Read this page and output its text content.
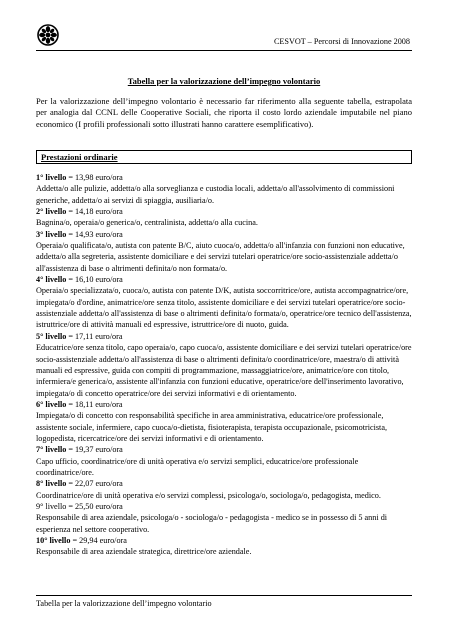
CESVOT – Percorsi di Innovazione 2008
Tabella per la valorizzazione dell’impegno volontario

Per la valorizzazione dell’impegno volontario è necessario far riferimento alla seguente tabella, estrapolata per analogia dal CCNL delle Cooperative Sociali, che riporta il costo lordo aziendale imputabile nel piano economico (I profili professionali sotto illustrati hanno carattere esemplificativo).

Prestazioni ordinarie

1° livello = 13,98 euro/ora

Addetta/o alle pulizie, addetta/o alla sorveglianza e custodia locali, addetta/o all'assolvimento di commissioni generiche, addetta/o ai servizi di spiaggia, ausiliaria/o.

2° livello = 14,18 euro/ora

Bagnina/o, operaia/o generica/o, centralinista, addetta/o alla cucina.

3° livello = 14,93 euro/ora

Operaia/o qualificata/o, autista con patente B/C, aiuto cuoca/o, addetta/o all'infanzia con funzioni non educative, addetta/o alla segreteria, assistente domiciliare e dei servizi tutelari operatrice/ore socio-assistenziale addetta/o all'assistenza di base o altrimenti definita/o non formata/o.

4° livello = 16,10 euro/ora

Operaia/o specializzata/o, cuoca/o, autista con patente D/K, autista soccorritrice/ore, autista accompagnatrice/ore, impiegata/o d'ordine, animatrice/ore senza titolo, assistente domiciliare e dei servizi tutelari operatrice/ore socio-assistenziale addetta/o all'assistenza di base o altrimenti definita/o formata/o, operatrice/ore tecnico dell'assistenza, istruttrice/ore di attività manuali ed espressive, istruttrice/ore di nuoto, guida.

5° livello = 17,11 euro/ora

Educatrice/ore senza titolo, capo operaia/o, capo cuoca/o, assistente domiciliare e dei servizi tutelari operatrice/ore socio-assistenziale addetta/o all'assistenza di base o altrimenti definita/o coordinatrice/ore, maestra/o di attività manuali ed espressive, guida con compiti di programmazione, massaggiatrice/ore, animatrice/ore con titolo, infermiera/e generica/o, assistente all'infanzia con funzioni educative, operatrice/ore dell'inserimento lavorativo, impiegata/o di concetto operatrice/ore dei servizi informativi e di orientamento.

6° livello = 18,11 euro/ora

Impiegata/o di concetto con responsabilità specifiche in area amministrativa, educatrice/ore professionale, assistente sociale, infermiere, capo cuoca/o-dietista, fisioterapista, terapista occupazionale, psicomotricista, logopedista, ricercatrice/ore dei servizi informativi e di orientamento.

7° livello = 19,37 euro/ora

Capo ufficio, coordinatrice/ore di unità operativa e/o servizi semplici, educatrice/ore professionale coordinatrice/ore.

8° livello = 22,07 euro/ora

Coordinatrice/ore di unità operativa e/o servizi complessi, psicologa/o, sociologa/o, pedagogista, medico.

9° livello = 25,50 euro/ora

Responsabile di area aziendale, psicologa/o - sociologa/o - pedagogista - medico se in possesso di 5 anni di esperienza nel settore cooperativo.

10° livello = 29,94 euro/ora

Responsabile di area aziendale strategica, direttrice/ore aziendale.

Tabella per la valorizzazione dell’impegno volontario
